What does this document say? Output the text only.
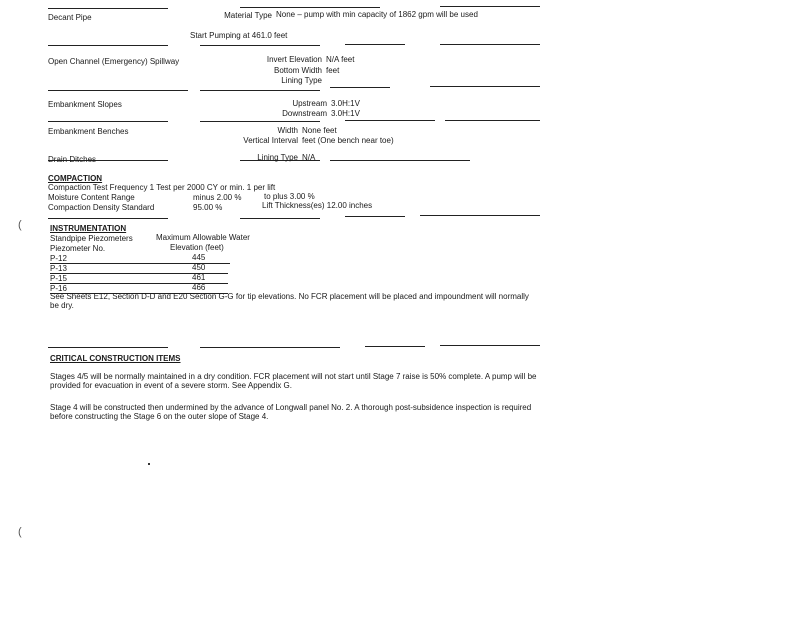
Decant Pipe	Material Type None – pump with min capacity of 1862 gpm will be used
Start Pumping at 461.0 feet
Open Channel (Emergency) Spillway	Invert Elevation N/A feet
Bottom Width feet
Lining Type
Embankment Slopes	Upstream 3.0H:1V
Downstream 3.0H:1V
Embankment Benches	Width None feet
Vertical Interval feet (One bench near toe)
Drain Ditches	Lining Type N/A
COMPACTION
Compaction Test Frequency 1 Test per 2000 CY or min. 1 per lift
Moisture Content Range	minus 2.00 %	to plus 3.00 %
Compaction Density Standard	95.00 %	Lift Thickness(es) 12.00 inches
INSTRUMENTATION
Standpipe Piezometers
Piezometer No.
Maximum Allowable Water
Elevation (feet)
P-12	445
P-13	450
P-15	461
P-16	466
See Sheets E12, Section D-D and E20 Section G-G for tip elevations. No FCR placement will be placed and impoundment will normally be dry.
CRITICAL CONSTRUCTION ITEMS
Stages 4/5 will be normally maintained in a dry condition. FCR placement will not start until Stage 7 raise is 50% complete. A pump will be provided for evacuation in event of a severe storm. See Appendix G.
Stage 4 will be constructed then undermined by the advance of Longwall panel No. 2. A thorough post-subsidence inspection is required before constructing the Stage 6 on the outer slope of Stage 4.
(
(
